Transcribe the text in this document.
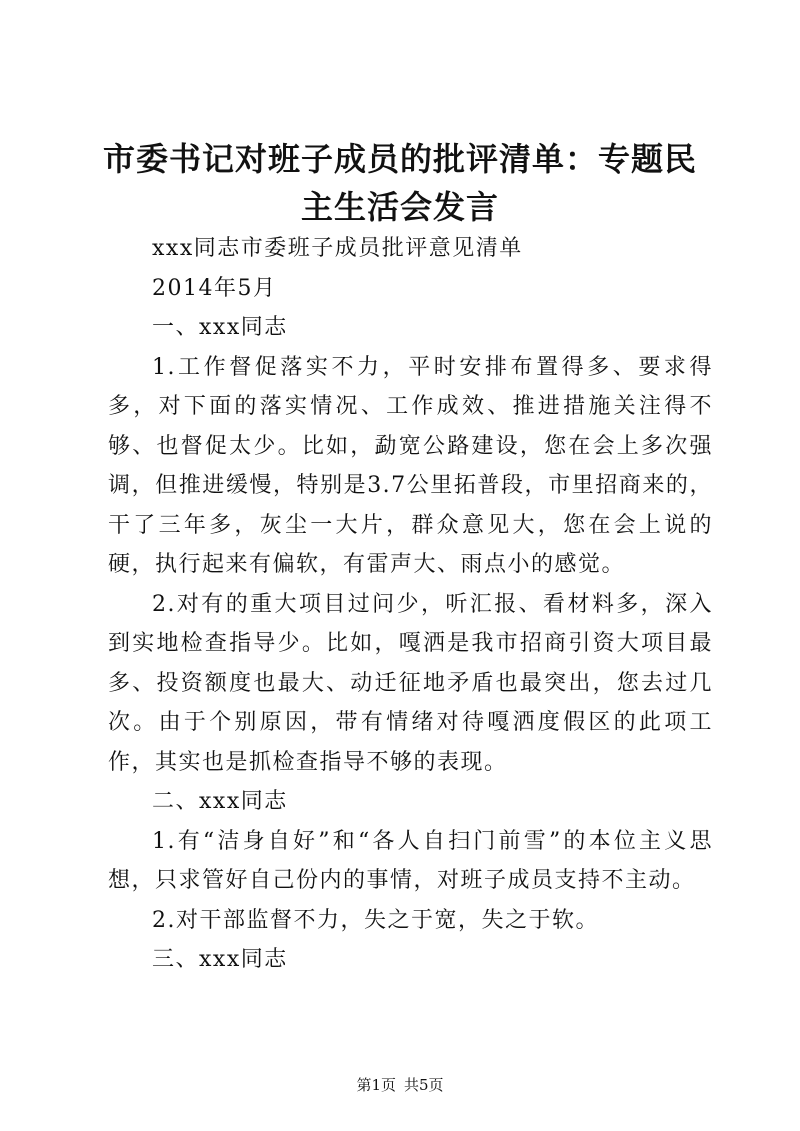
市委书记对班子成员的批评清单：专题民主生活会发言

xxx同志市委班子成员批评意见清单

2014年5月

一、xxx同志

1.工作督促落实不力，平时安排布置得多、要求得多，对下面的落实情况、工作成效、推进措施关注得不够、也督促太少。比如，勐宽公路建设，您在会上多次强调，但推进缓慢，特别是3.7公里拓普段，市里招商来的，干了三年多，灰尘一大片，群众意见大，您在会上说的硬，执行起来有偏软，有雷声大、雨点小的感觉。

2.对有的重大项目过问少，听汇报、看材料多，深入到实地检查指导少。比如，嘎洒是我市招商引资大项目最多、投资额度也最大、动迁征地矛盾也最突出，您去过几次。由于个别原因，带有情绪对待嘎洒度假区的此项工作，其实也是抓检查指导不够的表现。

二、xxx同志

1.有“洁身自好”和“各人自扫门前雪”的本位主义思想，只求管好自己份内的事情，对班子成员支持不主动。

2.对干部监督不力，失之于宽，失之于软。

三、xxx同志

第1页 共5页
